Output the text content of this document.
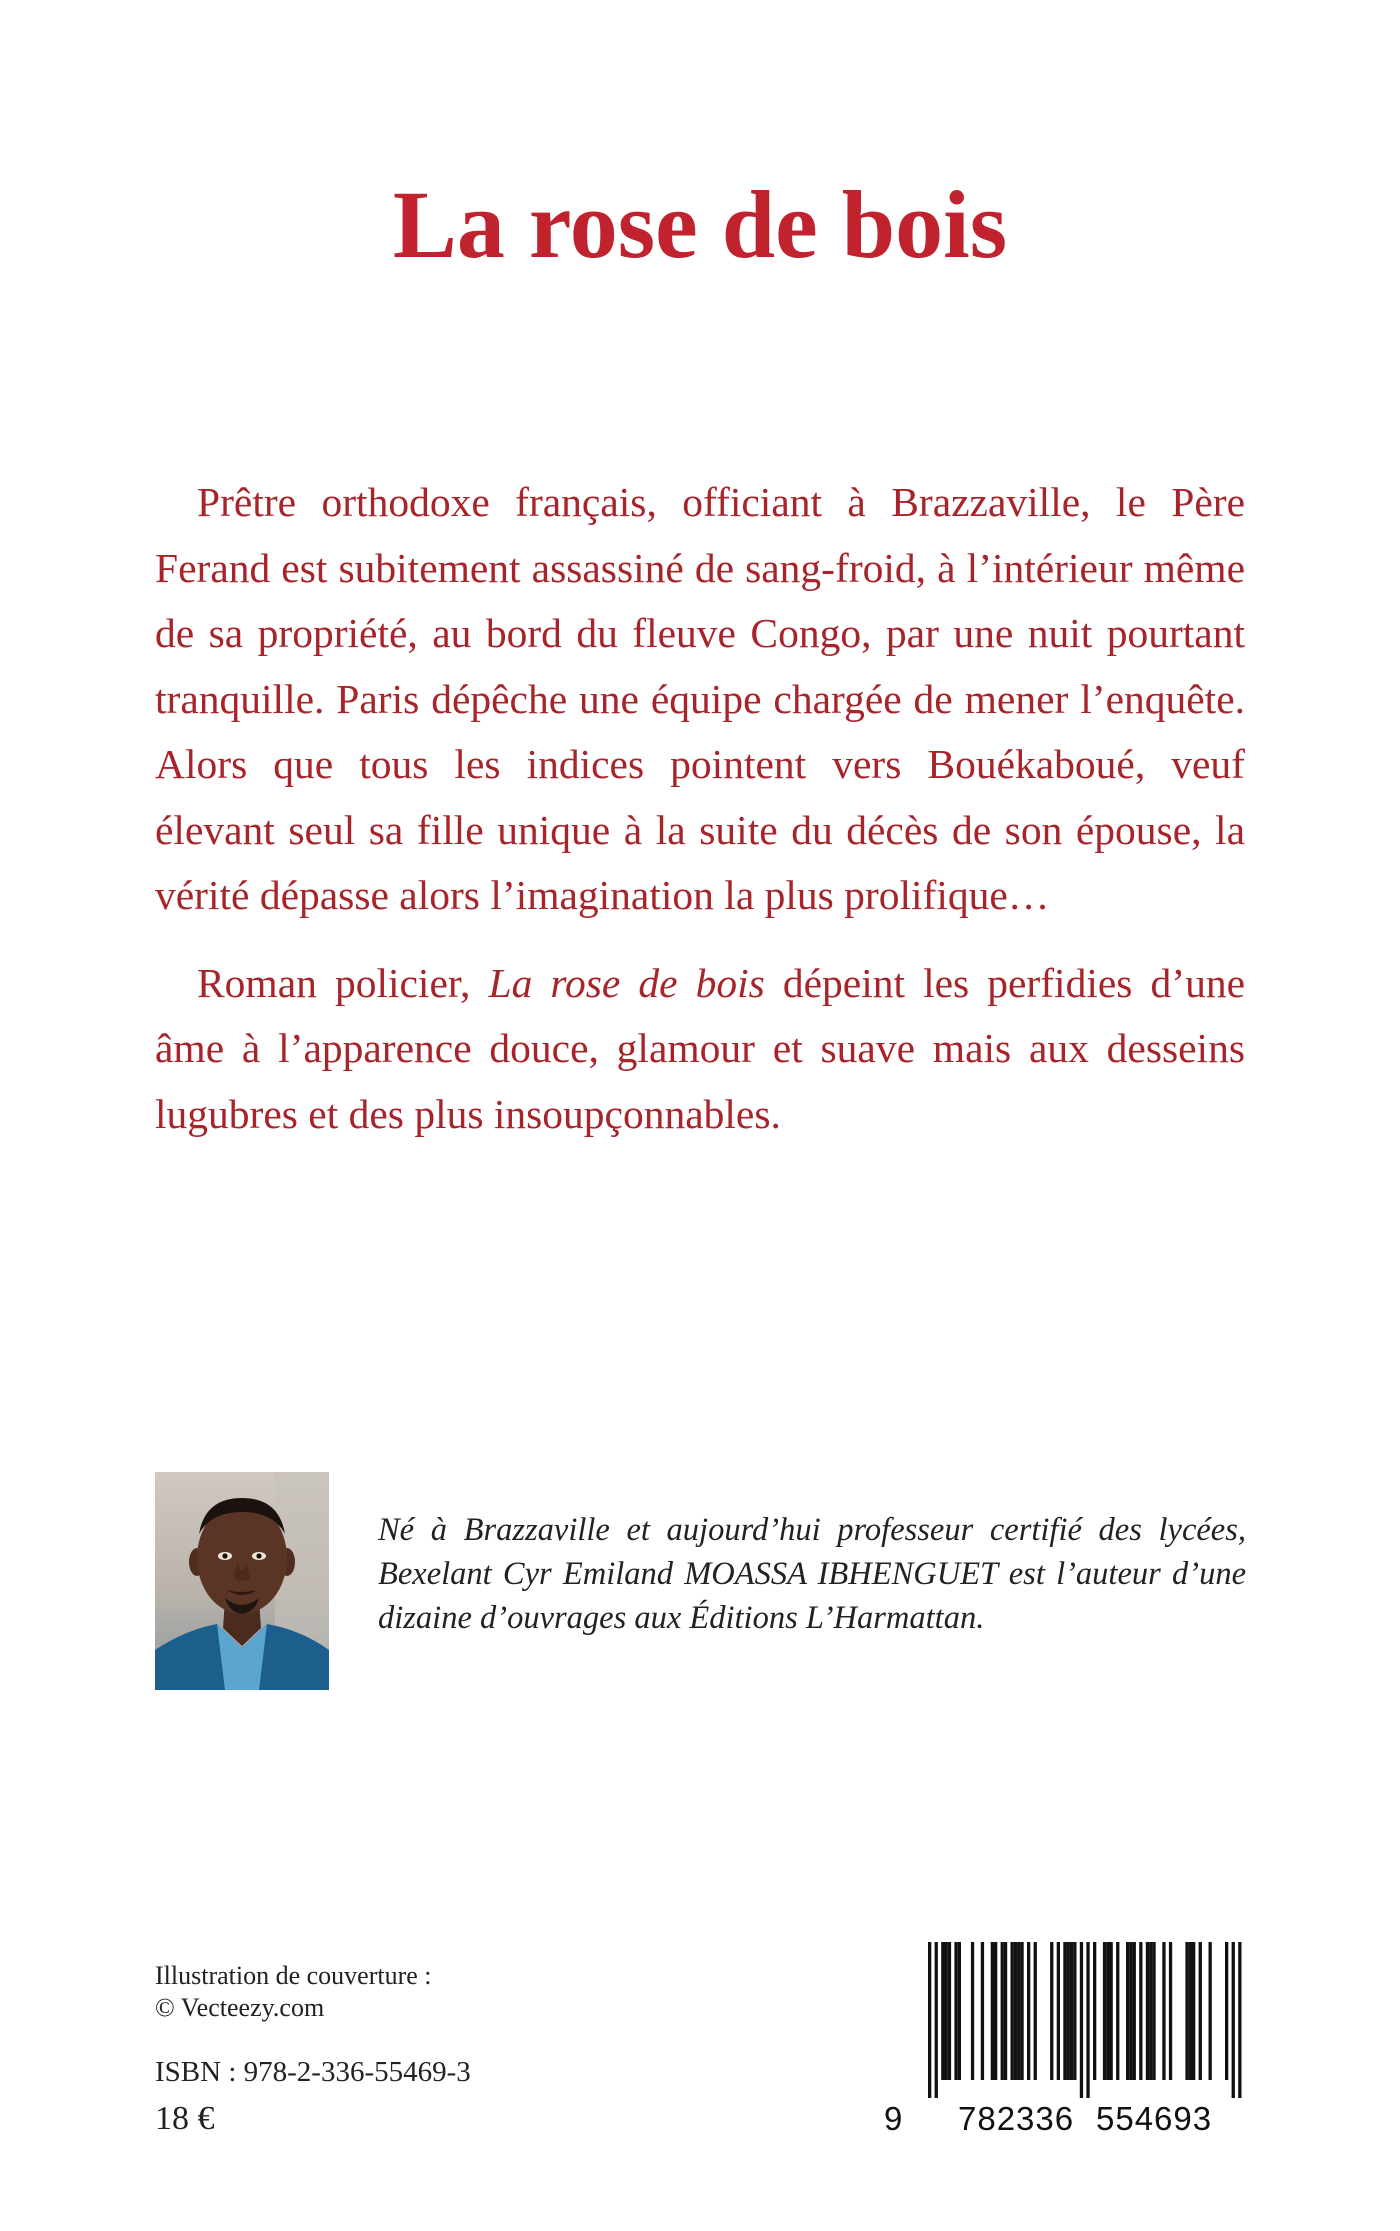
La rose de bois

Prêtre orthodoxe français, officiant à Brazzaville, le Père Ferand est subitement assassiné de sang-froid, à l’intérieur même de sa propriété, au bord du fleuve Congo, par une nuit pourtant tranquille. Paris dépêche une équipe chargée de mener l’enquête. Alors que tous les indices pointent vers Bouékaboué, veuf élevant seul sa fille unique à la suite du décès de son épouse, la vérité dépasse alors l’imagination la plus prolifique…

Roman policier, La rose de bois dépeint les perfidies d’une âme à l’apparence douce, glamour et suave mais aux desseins lugubres et des plus insoupçonnables.

Né à Brazzaville et aujourd’hui professeur certifié des lycées, Bexelant Cyr Emiland MOASSA IBHENGUET est l’auteur d’une dizaine d’ouvrages aux Éditions L’Harmattan.
Illustration de couverture :
© Vecteezy.com
ISBN : 978-2-336-55469-3
18 €	9 782336 554693
